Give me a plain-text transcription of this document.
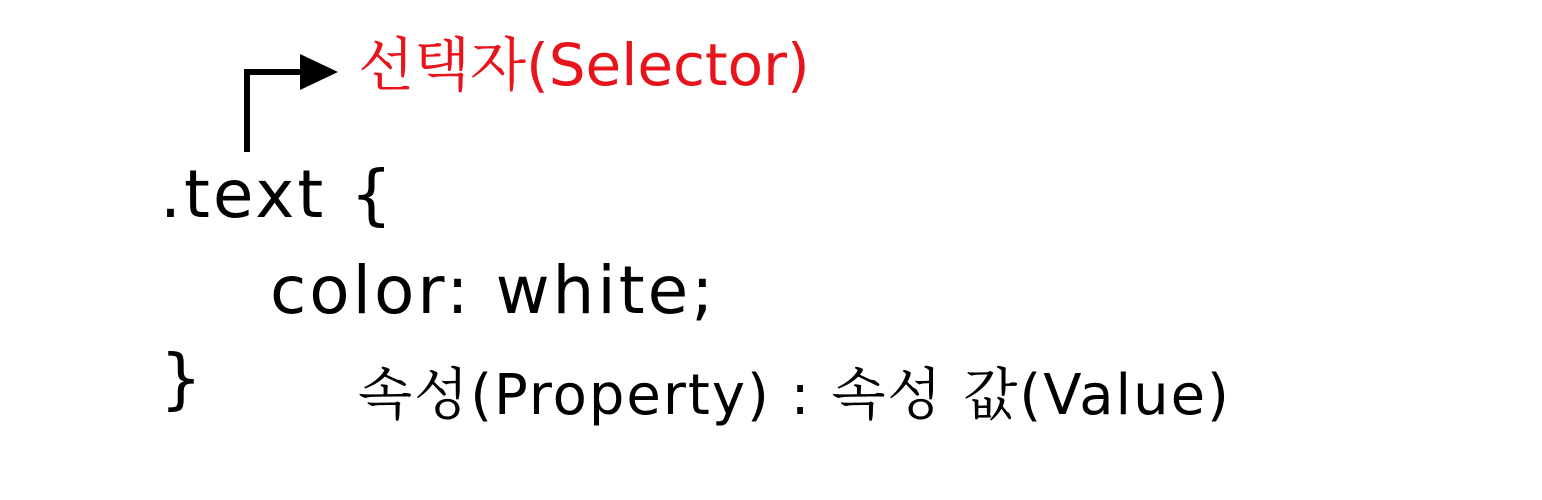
선택자(Selector)
.text {
color: white;
}	속성(Property) : 속성 값(Value)
